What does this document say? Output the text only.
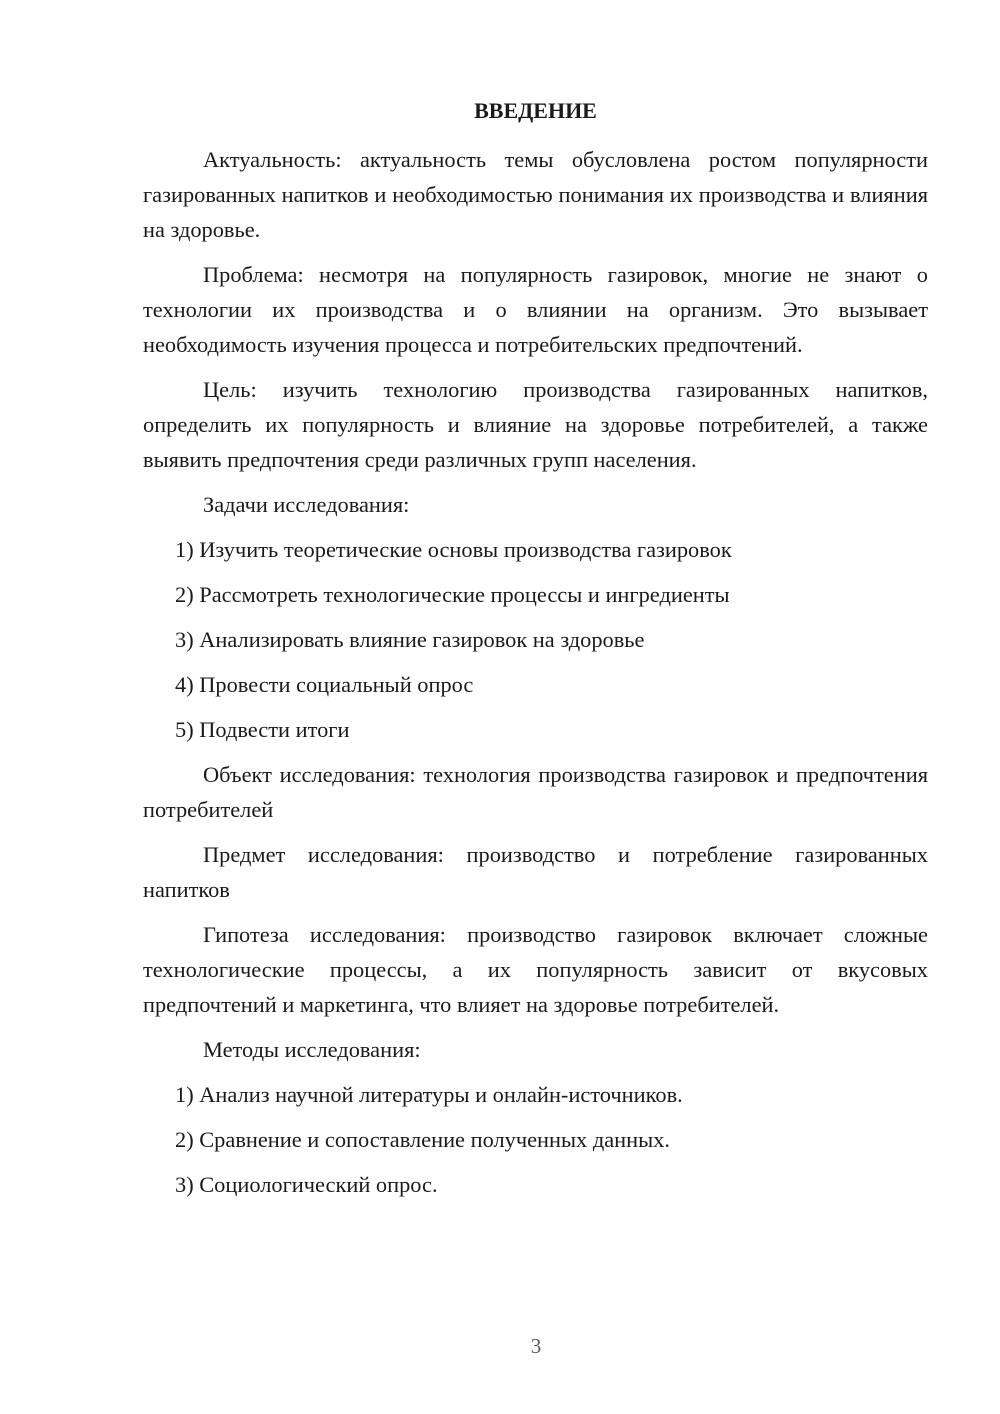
ВВЕДЕНИЕ

Актуальность: актуальность темы обусловлена ростом популярности газированных напитков и необходимостью понимания их производства и влияния на здоровье.

Проблема: несмотря на популярность газировок, многие не знают о технологии их производства и о влиянии на организм. Это вызывает необходимость изучения процесса и потребительских предпочтений.

Цель: изучить технологию производства газированных напитков, определить их популярность и влияние на здоровье потребителей, а также выявить предпочтения среди различных групп населения.

Задачи исследования:

1) Изучить теоретические основы производства газировок
2) Рассмотреть технологические процессы и ингредиенты
3) Анализировать влияние газировок на здоровье
4) Провести социальный опрос
5) Подвести итоги

Объект исследования: технология производства газировок и предпочтения потребителей

Предмет исследования: производство и потребление газированных напитков

Гипотеза исследования: производство газировок включает сложные технологические процессы, а их популярность зависит от вкусовых предпочтений и маркетинга, что влияет на здоровье потребителей.

Методы исследования:

1) Анализ научной литературы и онлайн-источников.
2) Сравнение и сопоставление полученных данных.
3) Социологический опрос.
3
